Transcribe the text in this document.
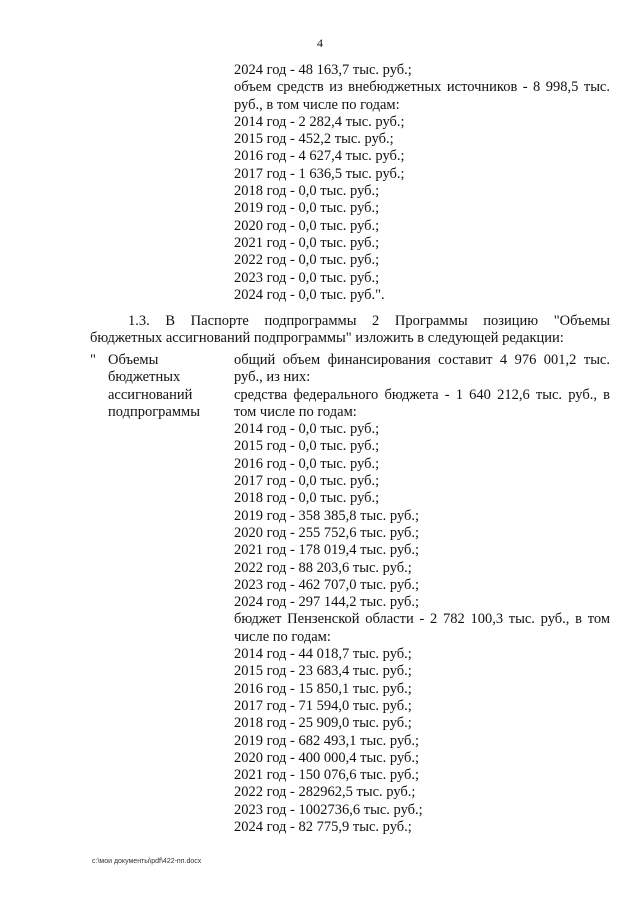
4
2024 год - 48 163,7 тыс. руб.;
объем средств из внебюджетных источников - 8 998,5 тыс.
руб., в том числе по годам:
2014 год - 2 282,4 тыс. руб.;
2015 год - 452,2 тыс. руб.;
2016 год - 4 627,4 тыс. руб.;
2017 год - 1 636,5 тыс. руб.;
2018 год - 0,0 тыс. руб.;
2019 год - 0,0 тыс. руб.;
2020 год - 0,0 тыс. руб.;
2021 год - 0,0 тыс. руб.;
2022 год - 0,0 тыс. руб.;
2023 год - 0,0 тыс. руб.;
2024 год - 0,0 тыс. руб.".
1.3. В Паспорте подпрограммы 2 Программы позицию "Объемы
бюджетных ассигнований подпрограммы" изложить в следующей редакции:
" Объемы
бюджетных
ассигнований
подпрограммы
общий объем финансирования составит 4 976 001,2 тыс.
руб., из них:
средства федерального бюджета - 1 640 212,6 тыс. руб., в
том числе по годам:
2014 год - 0,0 тыс. руб.;
2015 год - 0,0 тыс. руб.;
2016 год - 0,0 тыс. руб.;
2017 год - 0,0 тыс. руб.;
2018 год - 0,0 тыс. руб.;
2019 год - 358 385,8 тыс. руб.;
2020 год - 255 752,6 тыс. руб.;
2021 год - 178 019,4 тыс. руб.;
2022 год - 88 203,6 тыс. руб.;
2023 год - 462 707,0 тыс. руб.;
2024 год - 297 144,2 тыс. руб.;
бюджет Пензенской области - 2 782 100,3 тыс. руб., в том
числе по годам:
2014 год - 44 018,7 тыс. руб.;
2015 год - 23 683,4 тыс. руб.;
2016 год - 15 850,1 тыс. руб.;
2017 год - 71 594,0 тыс. руб.;
2018 год - 25 909,0 тыс. руб.;
2019 год - 682 493,1 тыс. руб.;
2020 год - 400 000,4 тыс. руб.;
2021 год - 150 076,6 тыс. руб.;
2022 год - 282962,5 тыс. руб.;
2023 год - 1002736,6 тыс. руб.;
2024 год - 82 775,9 тыс. руб.;
c:\мои документы\pdf\422-пп.docx
